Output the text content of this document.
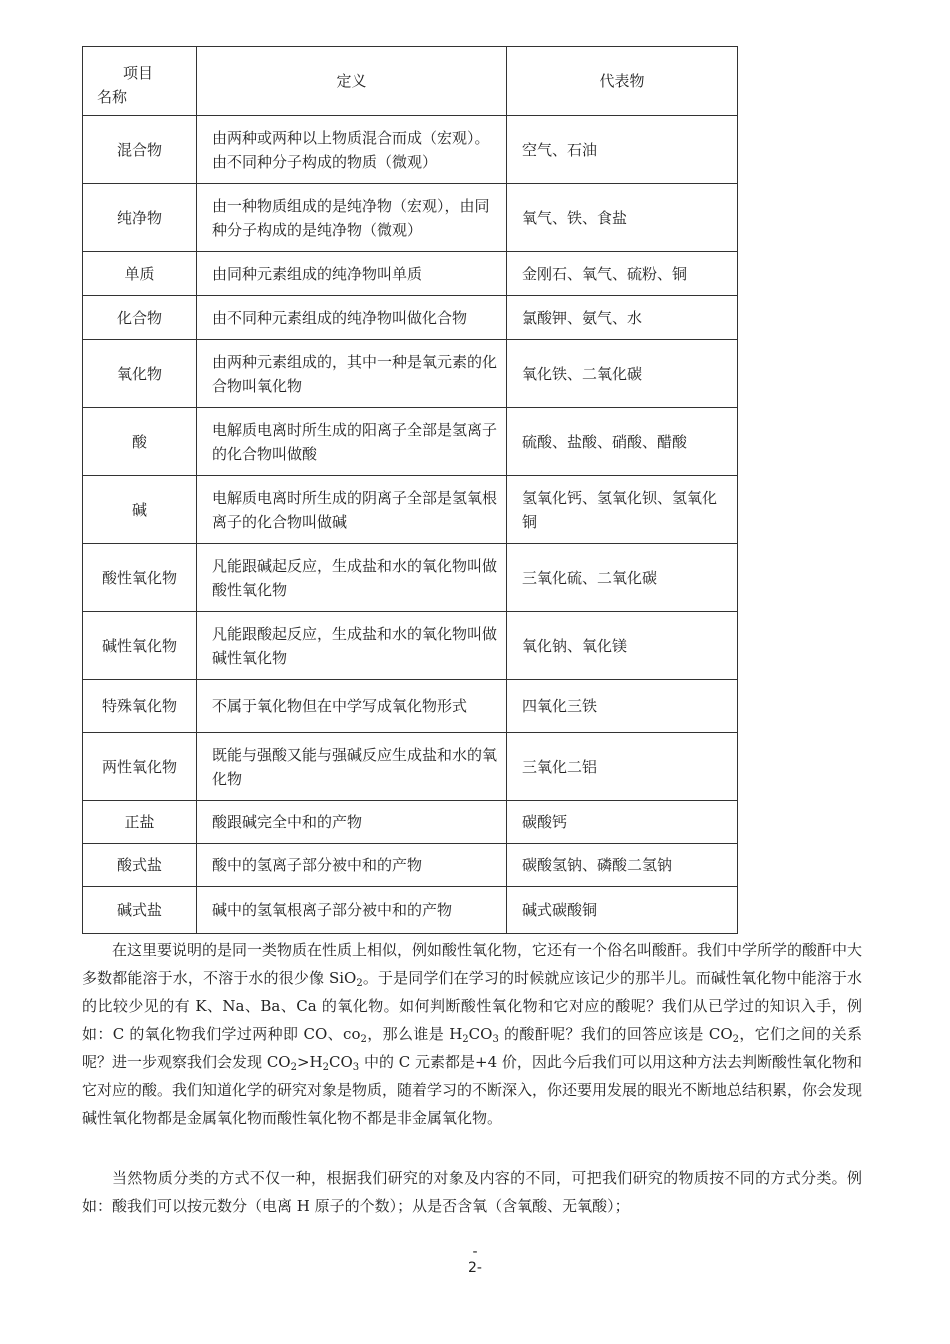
项目
名称	定义	代表物
混合物	由两种或两种以上物质混合而成（宏观）。由不同种分子构成的物质（微观）	空气、石油
纯净物	由一种物质组成的是纯净物（宏观），由同种分子构成的是纯净物（微观）	氧气、铁、食盐
单质	由同种元素组成的纯净物叫单质	金刚石、氧气、硫粉、铜
化合物	由不同种元素组成的纯净物叫做化合物	氯酸钾、氨气、水
氧化物	由两种元素组成的，其中一种是氧元素的化合物叫氧化物	氧化铁、二氧化碳
酸	电解质电离时所生成的阳离子全部是氢离子的化合物叫做酸	硫酸、盐酸、硝酸、醋酸
碱	电解质电离时所生成的阴离子全部是氢氧根离子的化合物叫做碱	氢氧化钙、氢氧化钡、氢氧化铜
酸性氧化物	凡能跟碱起反应，生成盐和水的氧化物叫做酸性氧化物	三氧化硫、二氧化碳
碱性氧化物	凡能跟酸起反应，生成盐和水的氧化物叫做碱性氧化物	氧化钠、氧化镁
特殊氧化物	不属于氧化物但在中学写成氧化物形式	四氧化三铁
两性氧化物	既能与强酸又能与强碱反应生成盐和水的氧化物	三氧化二铝
正盐	酸跟碱完全中和的产物	碳酸钙
酸式盐	酸中的氢离子部分被中和的产物	碳酸氢钠、磷酸二氢钠
碱式盐	碱中的氢氧根离子部分被中和的产物	碱式碳酸铜

在这里要说明的是同一类物质在性质上相似，例如酸性氧化物，它还有一个俗名叫酸酐。我们中学所学的酸酐中大多数都能溶于水，不溶于水的很少像 SiO$_2$。于是同学们在学习的时候就应该记少的那半儿。而碱性氧化物中能溶于水的比较少见的有 K、Na、Ba、Ca 的氧化物。如何判断酸性氧化物和它对应的酸呢？我们从已学过的知识入手，例如：C 的氧化物我们学过两种即 CO、$co_2$，那么谁是 $H_2CO_3$ 的酸酐呢？我们的回答应该是 $CO_2$，它们之间的关系呢？进一步观察我们会发现 $CO_2>H_2CO_3$ 中的 C 元素都是+4 价，因此今后我们可以用这种方法去判断酸性氧化物和它对应的酸。我们知道化学的研究对象是物质，随着学习的不断深入，你还要用发展的眼光不断地总结积累，你会发现碱性氧化物都是金属氧化物而酸性氧化物不都是非金属氧化物。

当然物质分类的方式不仅一种，根据我们研究的对象及内容的不同，可把我们研究的物质按不同的方式分类。例如：酸我们可以按元数分（电离 H 原子的个数）；从是否含氧（含氧酸、无氧酸）；

-
2-
